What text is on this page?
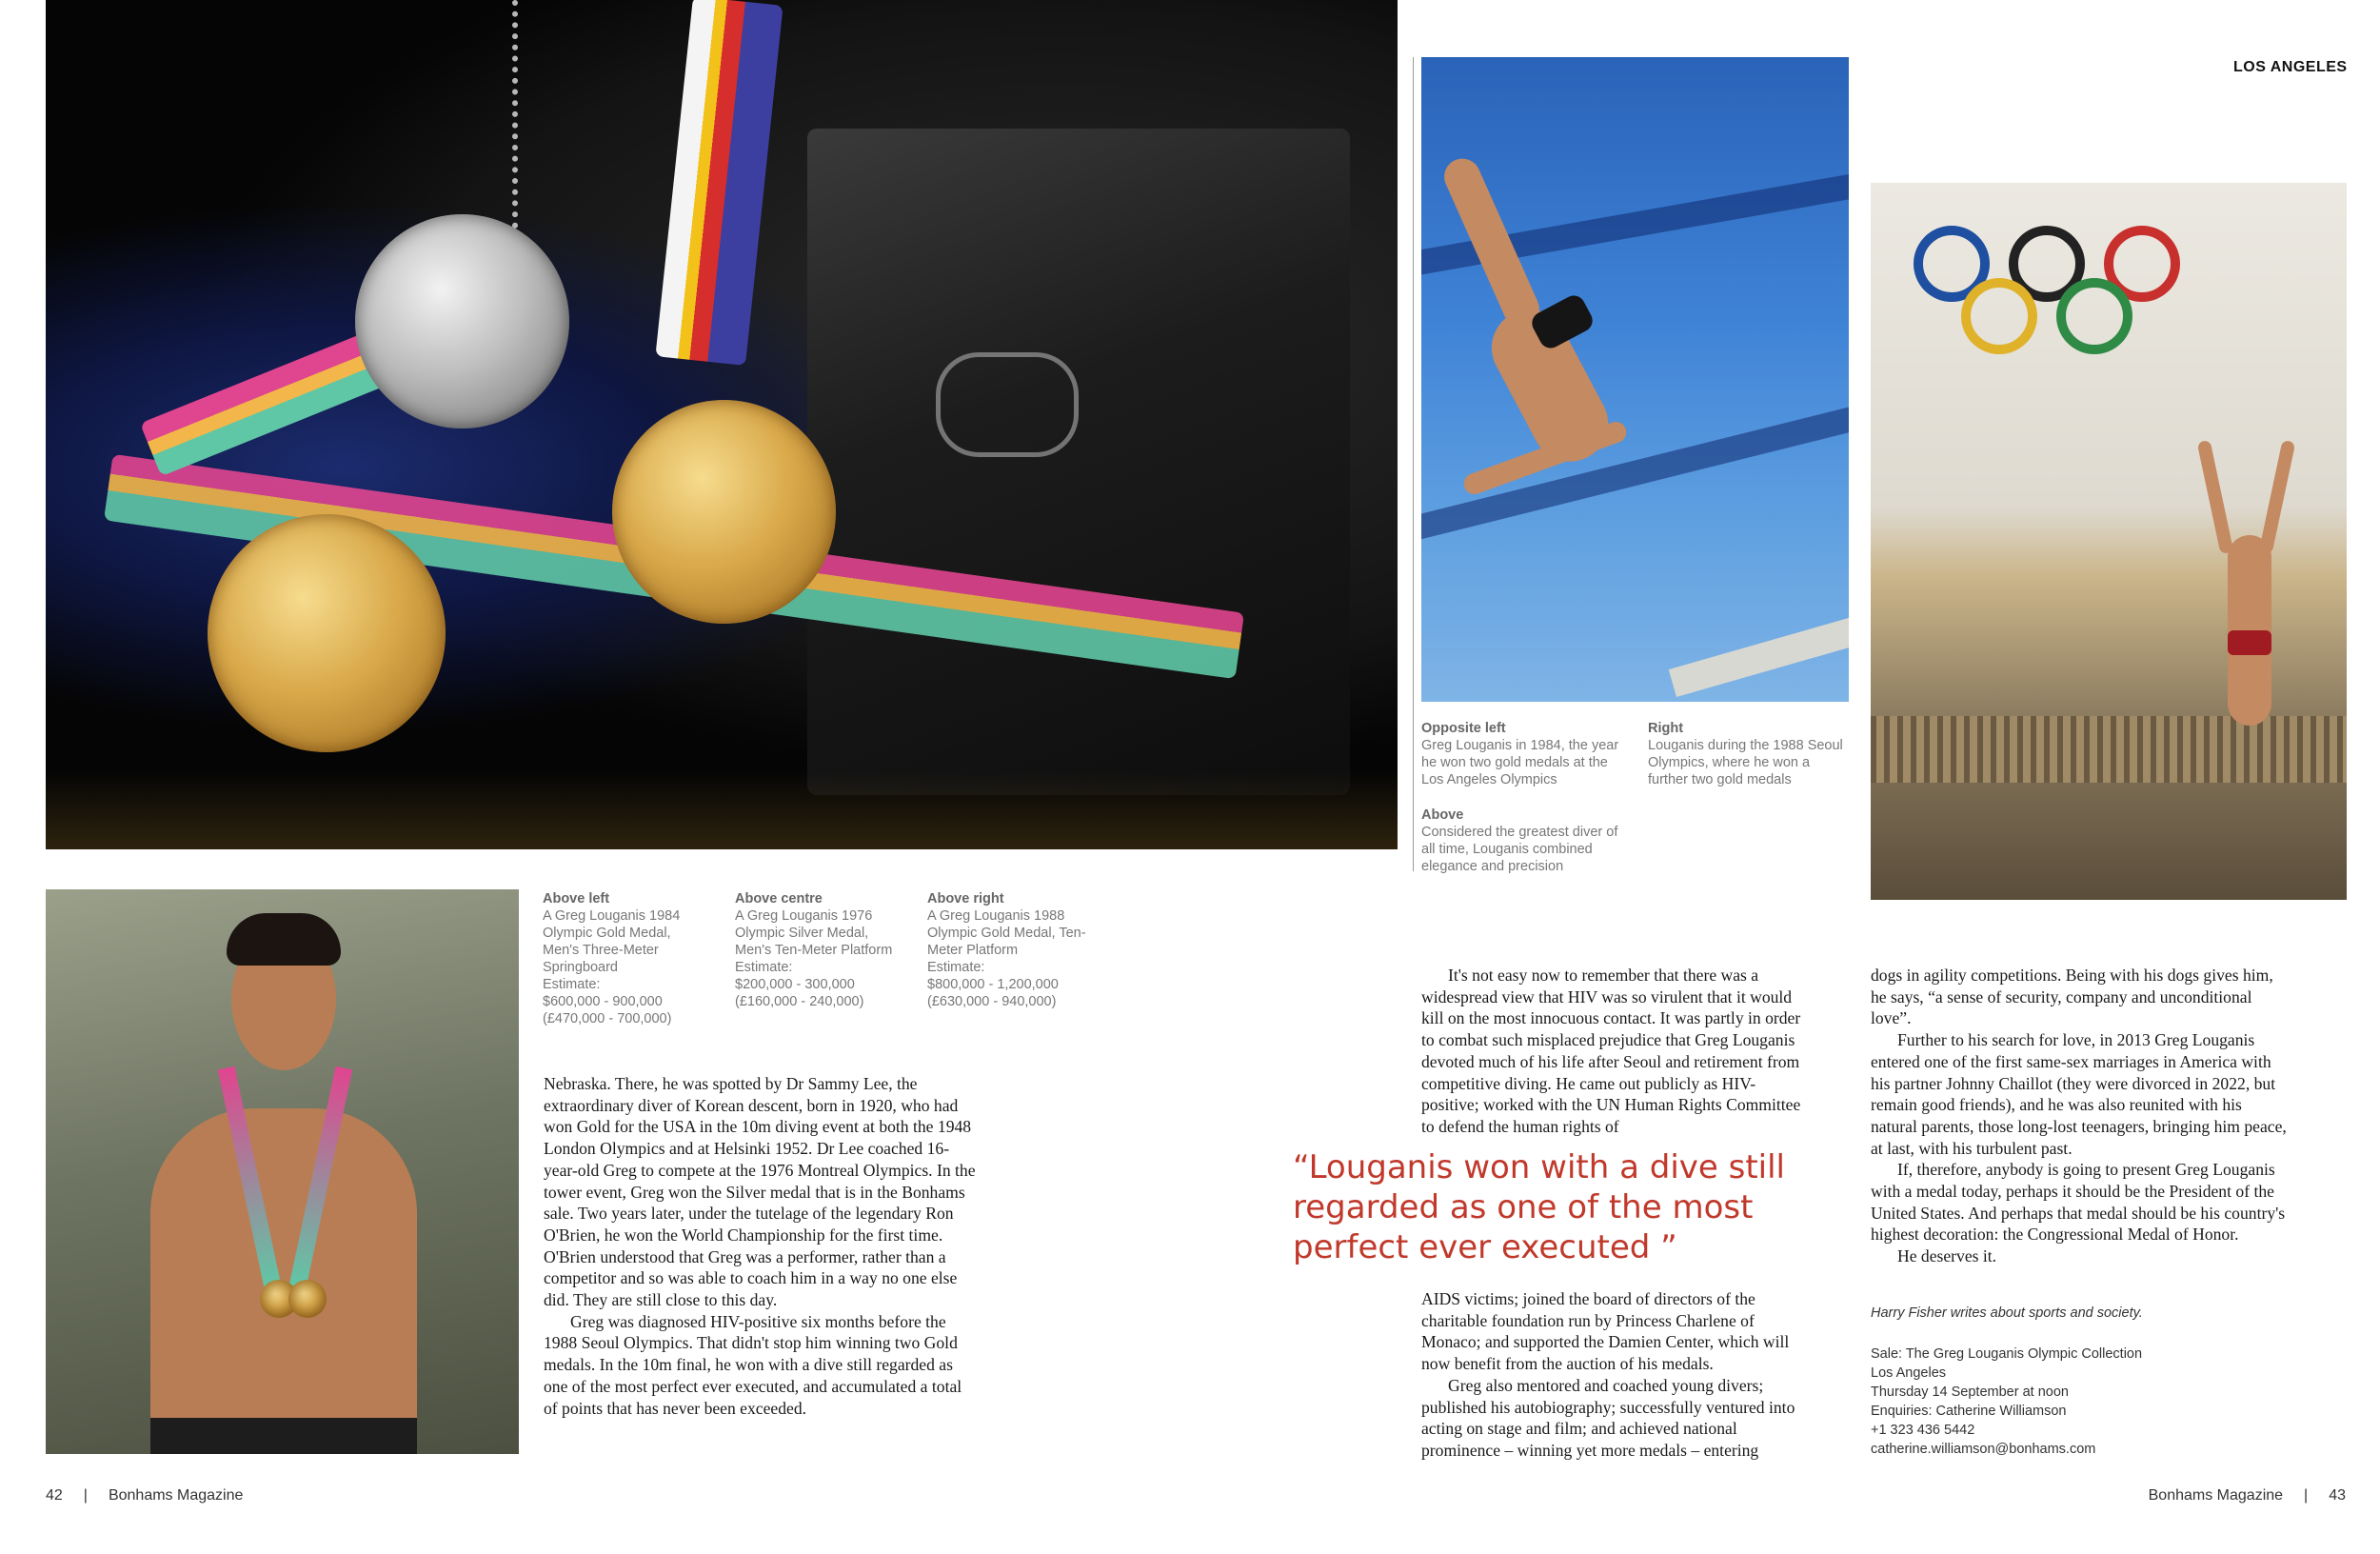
LOS ANGELES
Opposite left
Greg Louganis in 1984, the year he won two gold medals at the Los Angeles Olympics
Right
Louganis during the 1988 Seoul Olympics, where he won a further two gold medals
Above
Considered the greatest diver of all time, Louganis combined elegance and precision
Above left
A Greg Louganis 1984
Olympic Gold Medal,
Men's Three-Meter
Springboard
Estimate:
$600,000 - 900,000
(£470,000 - 700,000)
Above centre
A Greg Louganis 1976
Olympic Silver Medal,
Men's Ten-Meter Platform
Estimate:
$200,000 - 300,000
(£160,000 - 240,000)
Above right
A Greg Louganis 1988
Olympic Gold Medal, Ten-
Meter Platform
Estimate:
$800,000 - 1,200,000
(£630,000 - 940,000)

Nebraska. There, he was spotted by Dr Sammy Lee, the extraordinary diver of Korean descent, born in 1920, who had won Gold for the USA in the 10m diving event at both the 1948 London Olympics and at Helsinki 1952. Dr Lee coached 16-year-old Greg to compete at the 1976 Montreal Olympics. In the tower event, Greg won the Silver medal that is in the Bonhams sale. Two years later, under the tutelage of the legendary Ron O'Brien, he won the World Championship for the first time. O'Brien understood that Greg was a performer, rather than a competitor and so was able to coach him in a way no one else did. They are still close to this day.

Greg was diagnosed HIV-positive six months before the 1988 Seoul Olympics. That didn't stop him winning two Gold medals. In the 10m final, he won with a dive still regarded as one of the most perfect ever executed, and accumulated a total of points that has never been exceeded.

It's not easy now to remember that there was a widespread view that HIV was so virulent that it would kill on the most innocuous contact. It was partly in order to combat such misplaced prejudice that Greg Louganis devoted much of his life after Seoul and retirement from competitive diving. He came out publicly as HIV-positive; worked with the UN Human Rights Committee to defend the human rights of

“Louganis won with a dive still regarded as one of the most perfect ever executed ”

AIDS victims; joined the board of directors of the charitable foundation run by Princess Charlene of Monaco; and supported the Damien Center, which will now benefit from the auction of his medals.

Greg also mentored and coached young divers; published his autobiography; successfully ventured into acting on stage and film; and achieved national prominence – winning yet more medals – entering

dogs in agility competitions. Being with his dogs gives him, he says, “a sense of security, company and unconditional love”.

Further to his search for love, in 2013 Greg Louganis entered one of the first same-sex marriages in America with his partner Johnny Chaillot (they were divorced in 2022, but remain good friends), and he was also reunited with his natural parents, those long-lost teenagers, bringing him peace, at last, with his turbulent past.

If, therefore, anybody is going to present Greg Louganis with a medal today, perhaps it should be the President of the United States. And perhaps that medal should be his country's highest decoration: the Congressional Medal of Honor.

He deserves it.

Harry Fisher writes about sports and society.
Sale: The Greg Louganis Olympic Collection
Los Angeles
Thursday 14 September at noon
Enquiries: Catherine Williamson
+1 323 436 5442
catherine.williamson@bonhams.com
42 | Bonhams Magazine	Bonhams Magazine | 43
